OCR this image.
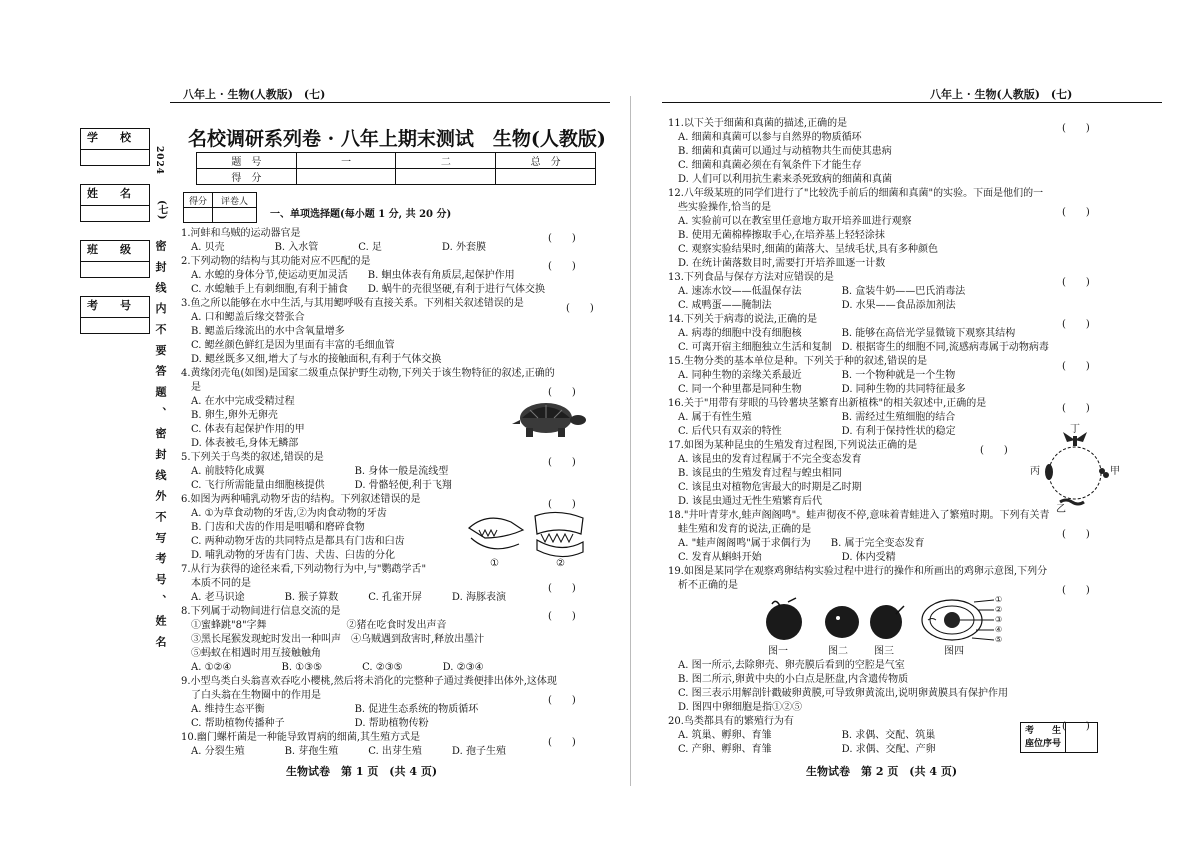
八年上 · 生物(人教版)　(七)
学　　校
姓　　名
班　　级
考　　号
2024
(七)
密 封 线 内 不 要 答 题 、 密 封 线 外 不 写 考 号 、 姓 名
名校调研系列卷 · 八年上期末测试　生物(人教版)
题　号	一	二	总　分
得　分			
得分	评卷人

一、单项选择题(每小题 1 分, 共 20 分)
1.河蚌和乌贼的运动器官是
A. 贝壳　　　　　B. 入水管　　　　C. 足　　　　　　D. 外套膜
2.下列动物的结构与其功能对应不匹配的是
A. 水螅的身体分节,使运动更加灵活　　B. 蛔虫体表有角质层,起保护作用
C. 水螅触手上有刺细胞,有利于捕食　　D. 蜗牛的壳很坚硬,有利于进行气体交换
3.鱼之所以能够在水中生活,与其用鳃呼吸有直接关系。下列相关叙述错误的是
A. 口和鳃盖后缘交替张合
B. 鳃盖后缘流出的水中含氧量增多
C. 鳃丝颜色鲜红是因为里面有丰富的毛细血管
D. 鳃丝既多又细,增大了与水的接触面积,有利于气体交换
4.黄缘闭壳龟(如图)是国家二级重点保护野生动物,下列关于该生物特征的叙述,正确的
是
A. 在水中完成受精过程
B. 卵生,卵外无卵壳
C. 体表有起保护作用的甲
D. 体表被毛,身体无鳞部
5.下列关于鸟类的叙述,错误的是
A. 前肢特化成翼　　　　　　　　　B. 身体一般是流线型
C. 飞行所需能量由细胞核提供　　　D. 骨骼轻便,利于飞翔
6.如图为两种哺乳动物牙齿的结构。下列叙述错误的是
A. ①为草食动物的牙齿,②为肉食动物的牙齿
B. 门齿和犬齿的作用是咀嚼和磨碎食物
C. 两种动物牙齿的共同特点是都具有门齿和臼齿
D. 哺乳动物的牙齿有门齿、犬齿、臼齿的分化
7.从行为获得的途径来看,下列动物行为中,与"鹦鹉学舌"
本质不同的是
A. 老马识途　　　　B. 猴子算数　　　C. 孔雀开屏　　　D. 海豚表演
8.下列属于动物间进行信息交流的是
①蜜蜂跳"8"字舞　　　　　　　　②猪在吃食时发出声音
③黑长尾猴发现蛇时发出一种叫声　④乌贼遇到敌害时,释放出墨汁
⑤蚂蚁在相遇时用互接触触角
A. ①②④　　　　　B. ①③⑤　　　　C. ②③⑤　　　　D. ②③④
9.小型鸟类白头翁喜欢吞吃小樱桃,然后将未消化的完整种子通过粪便排出体外,这体现
了白头翁在生物圈中的作用是
A. 维持生态平衡　　　　　　　　　B. 促进生态系统的物质循环
C. 帮助植物传播种子　　　　　　　D. 帮助植物传粉
10.幽门螺杆菌是一种能导致胃病的细菌,其生殖方式是
A. 分裂生殖　　　　B. 芽孢生殖　　　C. 出芽生殖　　　D. 孢子生殖
(　　)
(　　)
(　　)
(　　)
(　　)
(　　)
(　　)
(　　)
(　　)
(　　)
①	②
生物试卷　第 1 页　(共 4 页)
八年上 · 生物(人教版)　(七)
11.以下关于细菌和真菌的描述,正确的是
A. 细菌和真菌可以参与自然界的物质循环
B. 细菌和真菌可以通过与动植物共生而使其患病
C. 细菌和真菌必须在有氧条件下才能生存
D. 人们可以利用抗生素来杀死致病的细菌和真菌
12.八年级某班的同学们进行了"比较洗手前后的细菌和真菌"的实验。下面是他们的一
些实验操作,恰当的是
A. 实验前可以在教室里任意地方取开培养皿进行观察
B. 使用无菌棉棒擦取手心,在培养基上轻轻涂抹
C. 观察实验结果时,细菌的菌落大、呈绒毛状,具有多种颜色
D. 在统计菌落数目时,需要打开培养皿逐一计数
13.下列食品与保存方法对应错误的是
A. 速冻水饺——低温保存法　　　　B. 盒装牛奶——巴氏消毒法
C. 咸鸭蛋——腌制法　　　　　　　D. 水果——食品添加剂法
14.下列关于病毒的说法,正确的是
A. 病毒的细胞中没有细胞核　　　　B. 能够在高倍光学显微镜下观察其结构
C. 可离开宿主细胞独立生活和复制　D. 根据寄生的细胞不同,流感病毒属于动物病毒
15.生物分类的基本单位是种。下列关于种的叙述,错误的是
A. 同种生物的亲缘关系最近　　　　B. 一个物种就是一个生物
C. 同一个种里都是同种生物　　　　D. 同种生物的共同特征最多
16.关于"用带有芽眼的马铃薯块茎繁育出新植株"的相关叙述中,正确的是
A. 属于有性生殖　　　　　　　　　B. 需经过生殖细胞的结合
C. 后代只有双亲的特性　　　　　　D. 有利于保持性状的稳定
17.如图为某种昆虫的生殖发育过程图,下列说法正确的是
A. 该昆虫的发育过程属于不完全变态发育
B. 该昆虫的生殖发育过程与蝗虫相同
C. 该昆虫对植物危害最大的时期是乙时期
D. 该昆虫通过无性生殖繁育后代
18."井叶青芽水,蛙声阁阁鸣"。蛙声彻夜不停,意味着青蛙进入了繁殖时期。下列有关青
蛙生殖和发育的说法,正确的是
A. "蛙声阁阁鸣"属于求偶行为　　B. 属于完全变态发育
C. 发育从蝌蚪开始　　　　　　　　D. 体内受精
19.如图是某同学在观察鸡卵结构实验过程中进行的操作和所画出的鸡卵示意图,下列分
析不正确的是
A. 图一所示,去除卵壳、卵壳膜后看到的空腔是气室
B. 图二所示,卵黄中央的小白点是胚盘,内含遗传物质
C. 图三表示用解剖针戳破卵黄膜,可导致卵黄流出,说明卵黄膜具有保护作用
D. 图四中卵细胞是指①②⑤
20.鸟类都具有的繁殖行为有
A. 筑巢、孵卵、育雏　　　　　　　B. 求偶、交配、筑巢
C. 产卵、孵卵、育雏　　　　　　　D. 求偶、交配、产卵
(　　)
(　　)
(　　)
(　　)
(　　)
(　　)
(　　)
(　　)
(　　)
(　　)
丁
丙	甲
乙
①
②
③
④
⑤
图一	图二	图三	图四
考　　生
座位序号

生物试卷　第 2 页　(共 4 页)
